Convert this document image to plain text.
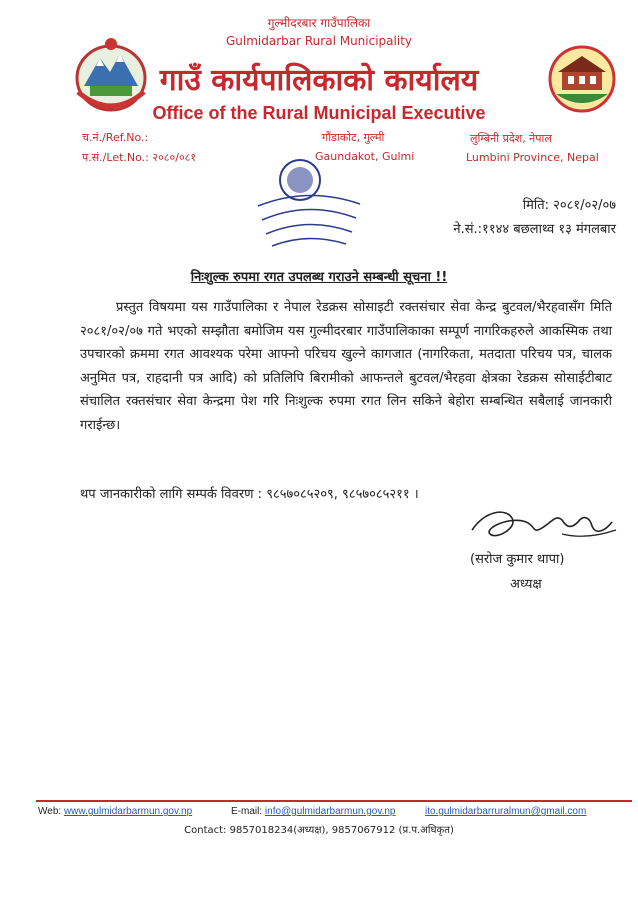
गुल्मीदरबार गाउँपालिका
Gulmidarbar Rural Municipality
गाउँ कार्यपालिकाको कार्यालय
Office of the Rural Municipal Executive
च.नं./Ref.No.:
प.सं./Let.No.: २०८०/०८१
गौंडाकोट, गुल्मी
Gaundakot, Gulmi
लुम्बिनी प्रदेश, नेपाल
Lumbini Province, Nepal
मिति: २०८१/०२/०७
ने.सं.:११४४ बछलाथ्व १३ मंगलबार
निःशुल्क रुपमा रगत उपलब्ध गराउने सम्बन्धी सूचना !!
प्रस्तुत विषयमा यस गाउँपालिका र नेपाल रेडक्रस सोसाइटी रक्तसंचार सेवा केन्द्र बुटवल/भैरहवासँग मिति २०८१/०२/०७ गते भएको सम्झौता बमोजिम यस गुल्मीदरबार गाउँपालिकाका सम्पूर्ण नागरिकहरुले आकस्मिक तथा उपचारको क्रममा रगत आवश्यक परेमा आफ्नो परिचय खुल्ने कागजात (नागरिकता, मतदाता परिचय पत्र, चालक अनुमित पत्र, राहदानी पत्र आदि) को प्रतिलिपि बिरामीको आफन्तले बुटवल/भैरहवा क्षेत्रका रेडक्रस सोसाईटीबाट संचालित रक्तसंचार सेवा केन्द्रमा पेश गरि निःशुल्क रुपमा रगत लिन सकिने बेहोरा सम्बन्धित सबैलाई जानकारी गराईन्छ।
थप जानकारीको लागि सम्पर्क विवरण : ९८५७०८५२०९, ९८५७०८५२११ ।
(सरोज कुमार थापा)
अध्यक्ष
Web: www.gulmidarbarmun.gov.np	E-mail: info@gulmidarbarmun.gov.np	ito.gulmidarbarruralmun@gmail.com
Contact: 9857018234(अध्यक्ष), 9857067912 (प्र.प.अधिकृत)
